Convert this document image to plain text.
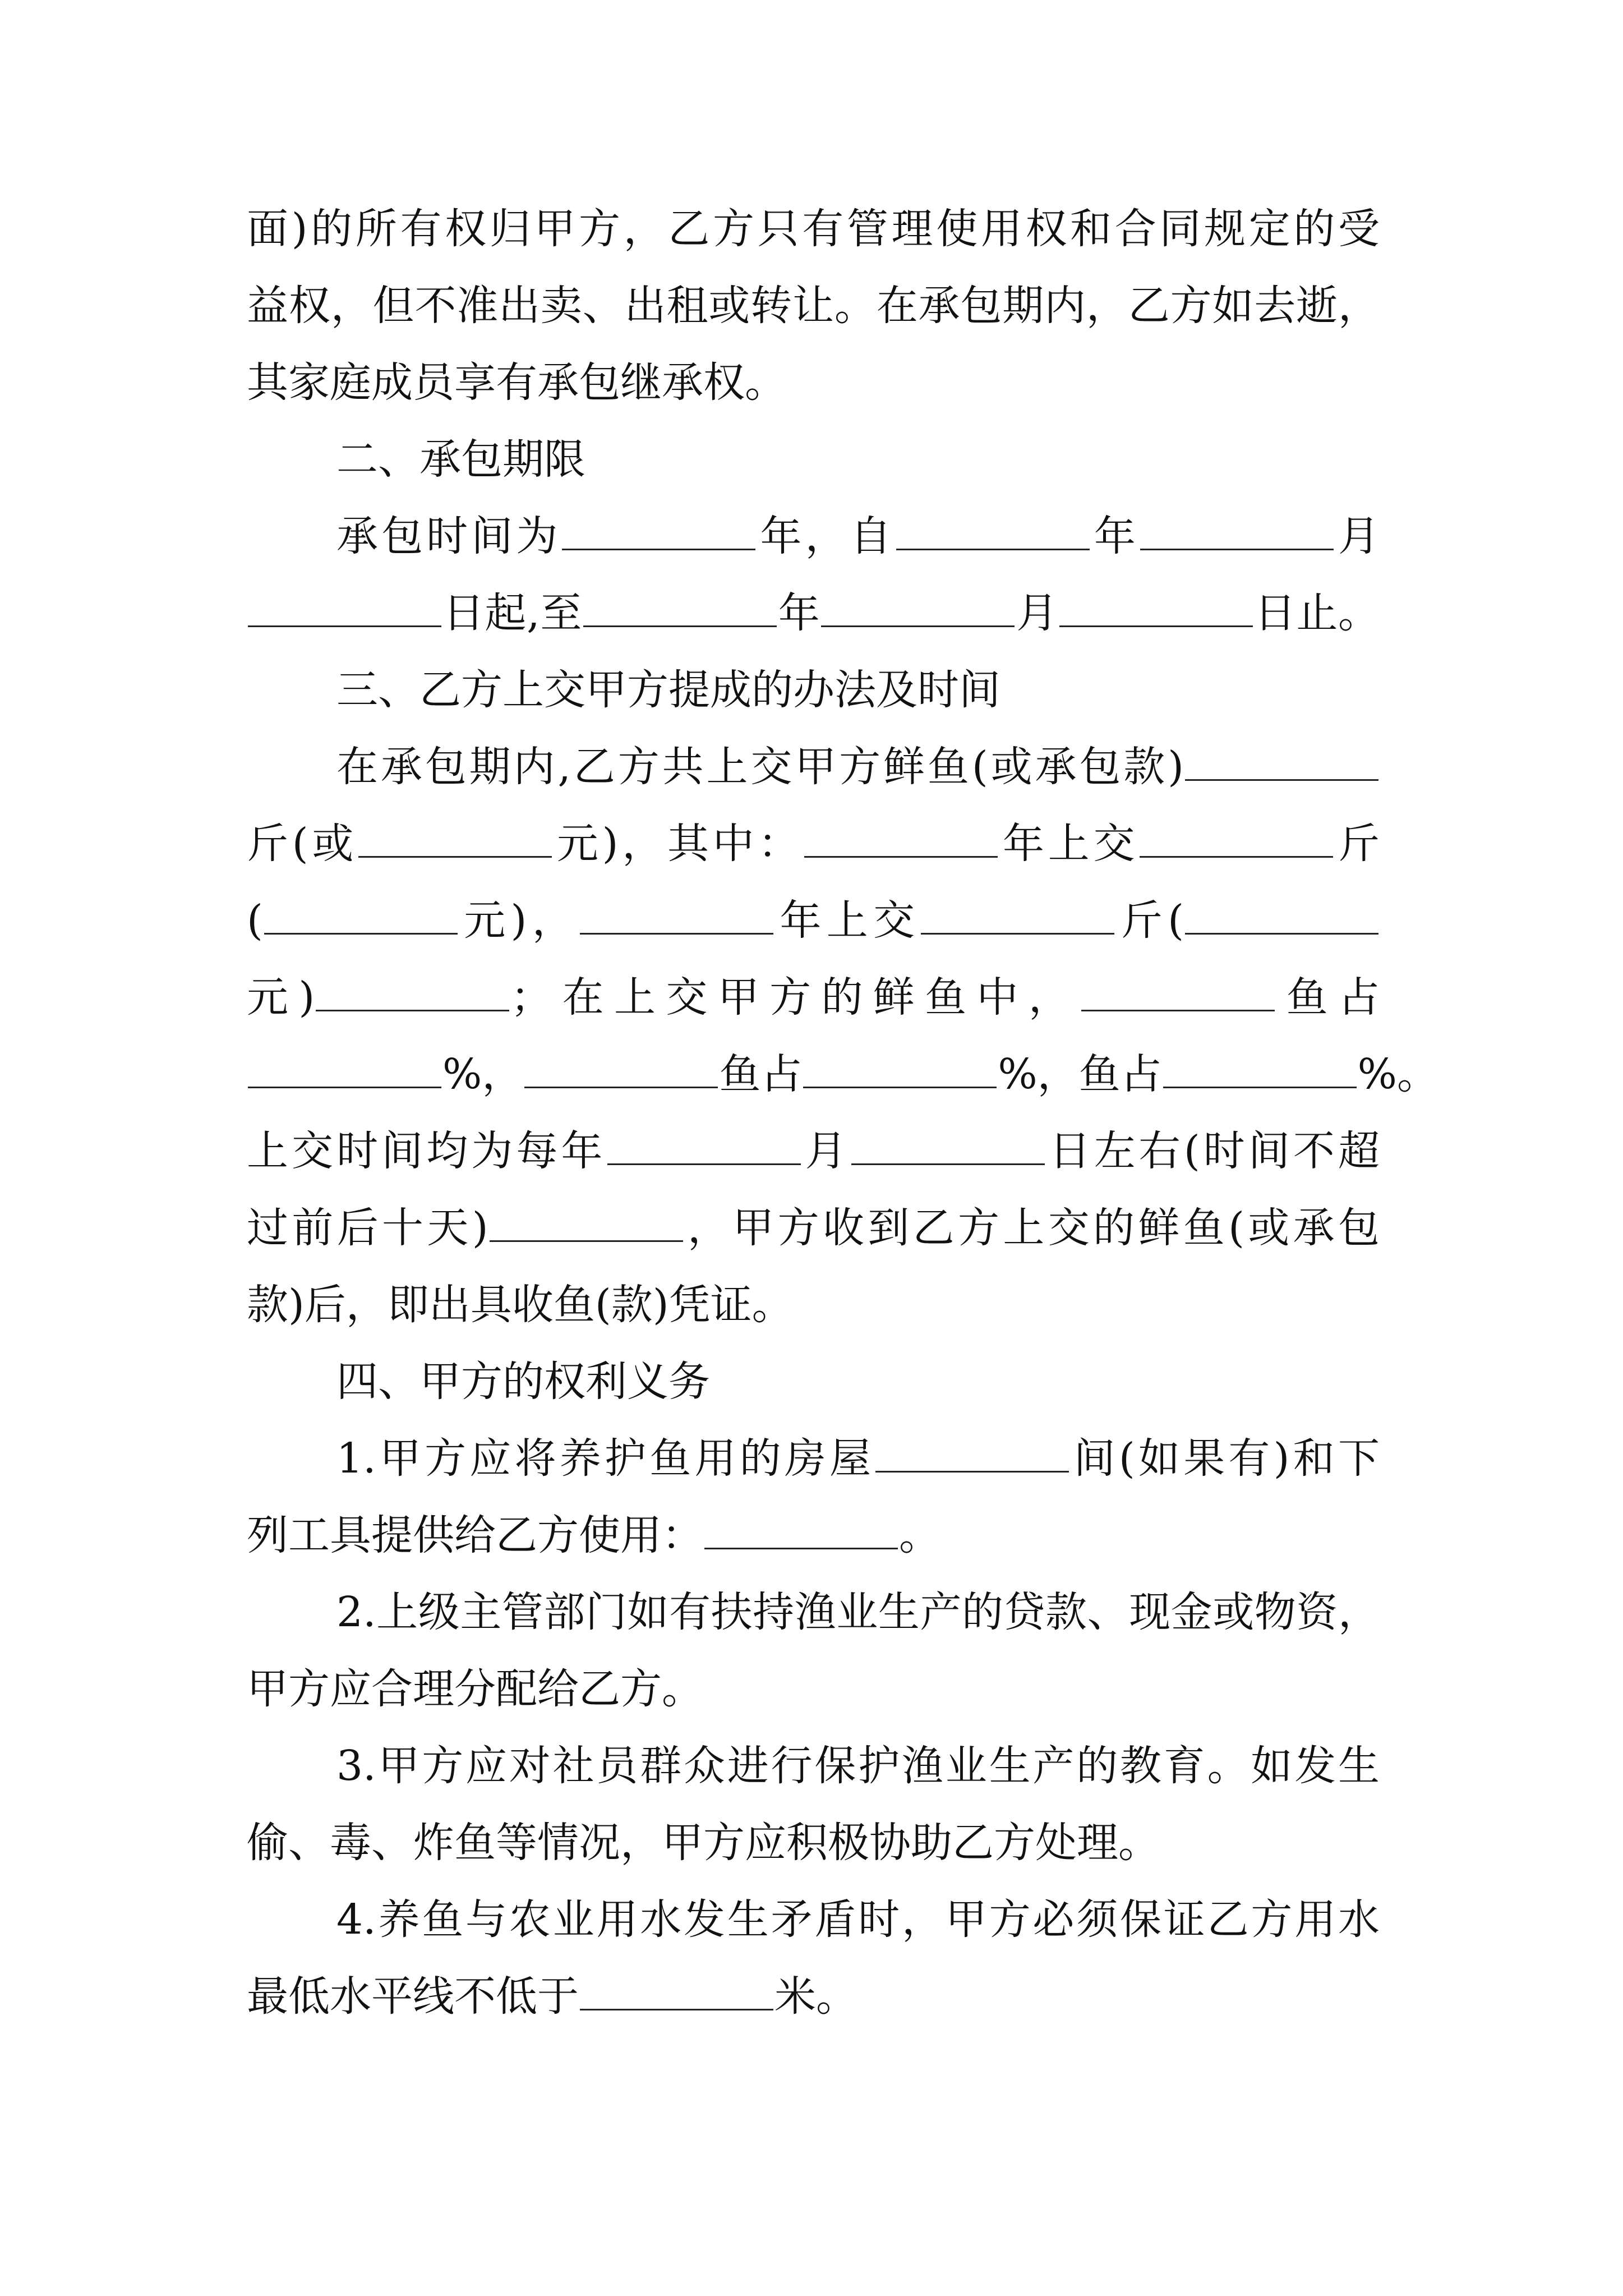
面)的所有权归甲方，乙方只有管理使用权和合同规定的受
益权，但不准出卖、出租或转让。在承包期内，乙方如去逝，
其家庭成员享有承包继承权。
二、承包期限
承包时间为	年，自	年	月
日起,至	年	月	日止。
三、乙方上交甲方提成的办法及时间
在承包期内,乙方共上交甲方鲜鱼(或承包款)
斤(或	元)，其中：	年上交	斤
(	元)，	年上交	斤(
元)	；在上交甲方的鲜鱼中，	鱼占
%，	鱼占	%，鱼占	%。
上交时间均为每年	月	日左右(时间不超
过前后十天)	，甲方收到乙方上交的鲜鱼(或承包
款)后，即出具收鱼(款)凭证。
四、甲方的权利义务
1.甲方应将养护鱼用的房屋	间(如果有)和下
列工具提供给乙方使用：	。
2.上级主管部门如有扶持渔业生产的贷款、现金或物资，
甲方应合理分配给乙方。
3.甲方应对社员群众进行保护渔业生产的教育。如发生
偷、毒、炸鱼等情况，甲方应积极协助乙方处理。
4.养鱼与农业用水发生矛盾时，甲方必须保证乙方用水
最低水平线不低于	米。
